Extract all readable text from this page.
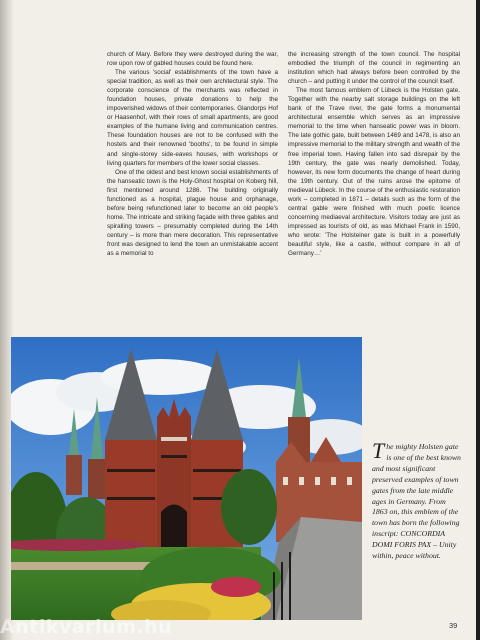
church of Mary. Before they were destroyed during the war, row upon row of gabled houses could be found here.

The various 'social' establishments of the town have a special tradition, as well as their own architectural style. The corporate conscience of the merchants was reflected in foundation houses, private donations to help the impoverished widows of their contemporaries. Glandorps Hof or Haasenhof, with their rows of small apartments, are good examples of the humane living and communication centres. These foundation houses are not to be confused with the hostels and their renowned 'booths', to be found in simple and single-storey side-eaves houses, with workshops or living quarters for members of the lower social classes.

One of the oldest and best known social establishments of the hanseatic town is the Holy-Ghost hospital on Koberg hill, first mentioned around 1286. The building originally functioned as a hospital, plague house and orphanage, before being refunctioned later to become an old people's home. The intricate and striking façade with three gables and spiralling towers – presumably completed during the 14th century – is more than mere decoration. This representative front was designed to lend the town an unmistakable accent as a memorial to

the increasing strength of the town council. The hospital embodied the triumph of the council in regimenting an institution which had always before been controlled by the church – and putting it under the control of the council itself.

The most famous emblem of Lübeck is the Holsten gate. Together with the nearby salt storage buildings on the left bank of the Trave river, the gate forms a monumental architectural ensemble which serves as an impressive memorial to the time when hanseatic power was in bloom. The late gothic gate, built between 1469 and 1478, is also an impressive memorial to the military strength and wealth of the free imperial town. Having fallen into sad disrepair by the 19th century, the gate was nearly demolished. Today, however, its new form documents the change of heart during the 19th century. Out of the ruins arose the epitome of medieval Lübeck. In the course of the enthusiastic restoration work – completed in 1871 – details such as the form of the central gable were finished with much poetic licence concerning mediaeval architecture. Visitors today are just as impressed as tourists of old, as was Michael Frank in 1590, who wrote: 'The Holsteiner gate is built in a powerfully beautiful style, like a castle, without compare in all of Germany…'

The mighty Holsten gate is one of the best known and most significant preserved examples of town gates from the late middle ages in Germany. From 1863 on, this emblem of the town has born the following inscript: CONCORDIA DOMI FORIS PAX – Unity within, peace without.

39
Antikvarium.hu
